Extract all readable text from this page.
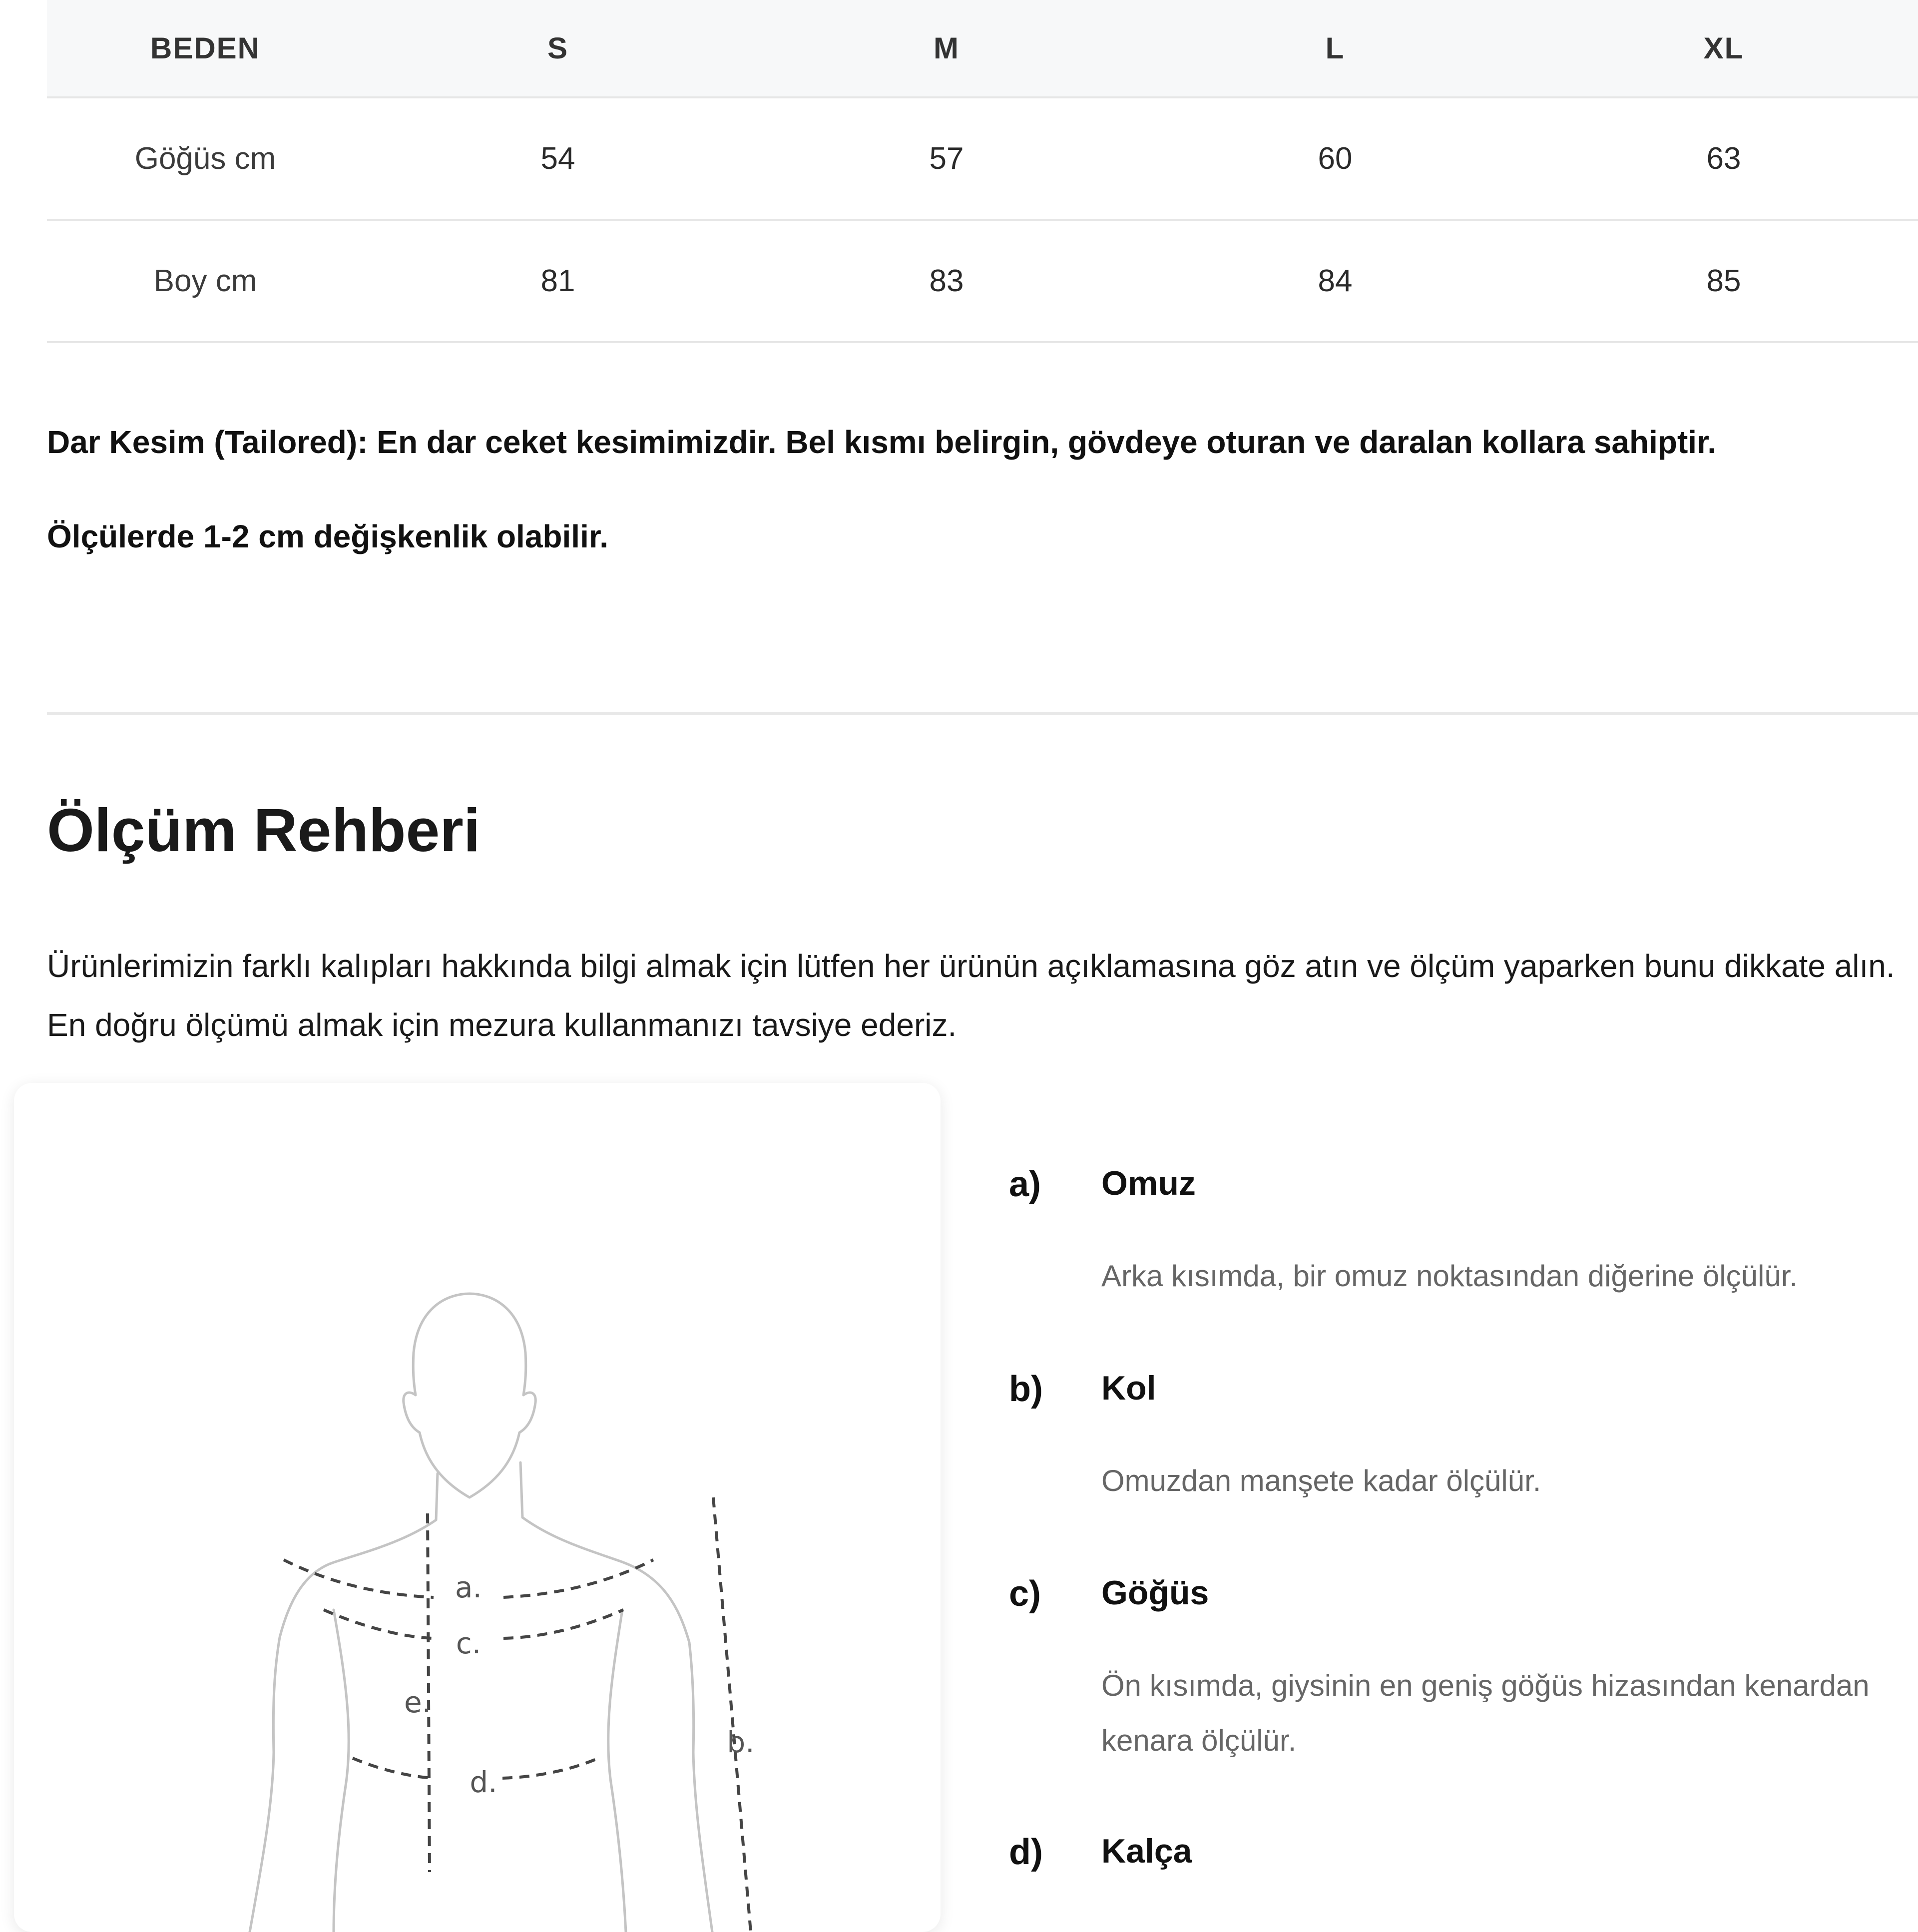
BEDEN	S	M	L	XL
Göğüs cm	54	57	60	63
Boy cm	81	83	84	85
Dar Kesim (Tailored): En dar ceket kesimimizdir. Bel kısmı belirgin, gövdeye oturan ve daralan kollara sahiptir.
Ölçülerde 1-2 cm değişkenlik olabilir.
Ölçüm Rehberi

Ürünlerimizin farklı kalıpları hakkında bilgi almak için lütfen her ürünün açıklamasına göz atın ve ölçüm yaparken bunu dikkate alın.

En doğru ölçümü almak için mezura kullanmanızı tavsiye ederiz.

a.
c.
e.
d.
b.
a) Omuz
Arka kısımda, bir omuz noktasından diğerine ölçülür.
b) Kol
Omuzdan manşete kadar ölçülür.
c) Göğüs
Ön kısımda, giysinin en geniş göğüs hizasından kenardan kenara ölçülür.
d) Kalça
